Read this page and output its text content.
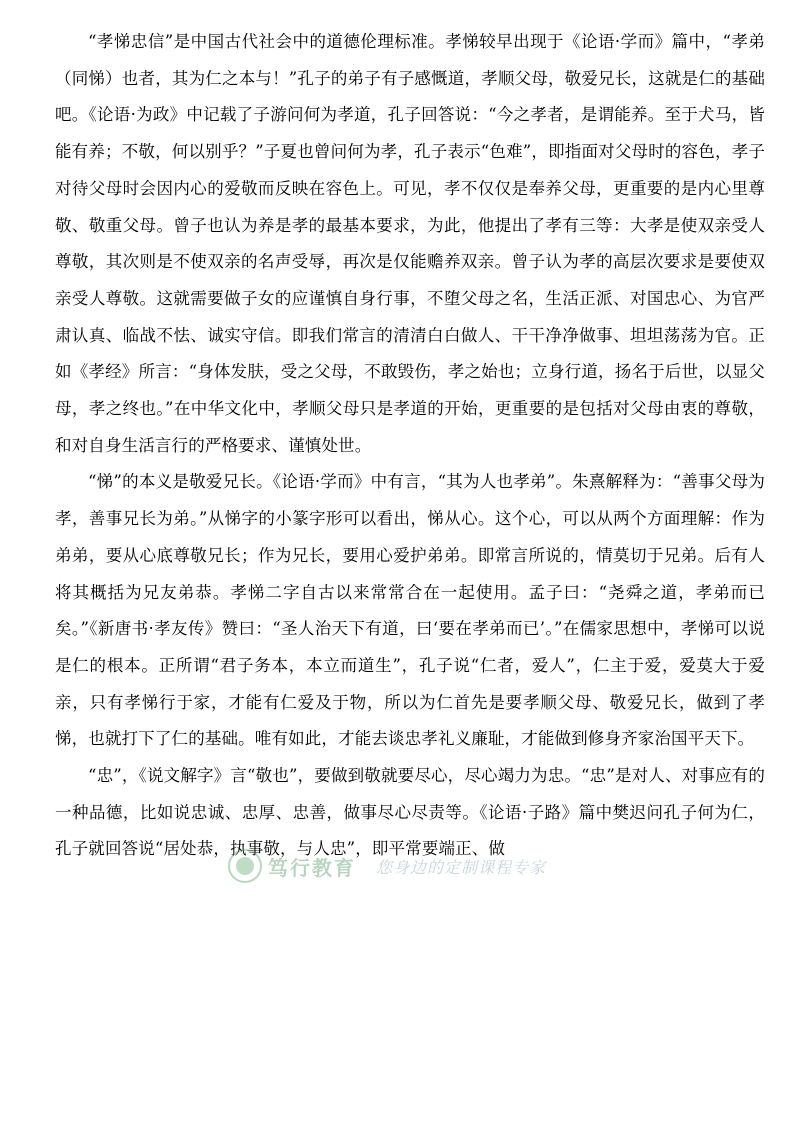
“孝悌忠信”是中国古代社会中的道德伦理标准。孝悌较早出现于《论语·学而》篇中，“孝弟（同悌）也者，其为仁之本与！”孔子的弟子有子感慨道，孝顺父母，敬爱兄长，这就是仁的基础吧。《论语·为政》中记载了子游问何为孝道，孔子回答说：“今之孝者，是谓能养。至于犬马，皆能有养；不敬，何以别乎？”子夏也曾问何为孝，孔子表示“色难”，即指面对父母时的容色，孝子对待父母时会因内心的爱敬而反映在容色上。可见，孝不仅仅是奉养父母，更重要的是内心里尊敬、敬重父母。曾子也认为养是孝的最基本要求，为此，他提出了孝有三等：大孝是使双亲受人尊敬，其次则是不使双亲的名声受辱，再次是仅能赡养双亲。曾子认为孝的高层次要求是要使双亲受人尊敬。这就需要做子女的应谨慎自身行事，不堕父母之名，生活正派、对国忠心、为官严肃认真、临战不怯、诚实守信。即我们常言的清清白白做人、干干净净做事、坦坦荡荡为官。正如《孝经》所言：“身体发肤，受之父母，不敢毁伤，孝之始也；立身行道，扬名于后世，以显父母，孝之终也。”在中华文化中，孝顺父母只是孝道的开始，更重要的是包括对父母由衷的尊敬，和对自身生活言行的严格要求、谨慎处世。

“悌”的本义是敬爱兄长。《论语·学而》中有言，“其为人也孝弟”。朱熹解释为：“善事父母为孝，善事兄长为弟。”从悌字的小篆字形可以看出，悌从心。这个心，可以从两个方面理解：作为弟弟，要从心底尊敬兄长；作为兄长，要用心爱护弟弟。即常言所说的，情莫切于兄弟。后有人将其概括为兄友弟恭。孝悌二字自古以来常常合在一起使用。孟子曰：“尧舜之道，孝弟而已矣。”《新唐书·孝友传》赞曰：“圣人治天下有道，曰‘要在孝弟而已’。”在儒家思想中，孝悌可以说是仁的根本。正所谓“君子务本，本立而道生”，孔子说“仁者，爱人”，仁主于爱，爱莫大于爱亲，只有孝悌行于家，才能有仁爱及于物，所以为仁首先是要孝顺父母、敬爱兄长，做到了孝悌，也就打下了仁的基础。唯有如此，才能去谈忠孝礼义廉耻，才能做到修身齐家治国平天下。

“忠”，《说文解字》言“敬也”，要做到敬就要尽心，尽心竭力为忠。“忠”是对人、对事应有的一种品德，比如说忠诚、忠厚、忠善，做事尽心尽责等。《论语·子路》篇中樊迟问孔子何为仁，孔子就回答说“居处恭，执事敬，与人忠”，即平常要端正、做

笃行教育 您身边的定制课程专家
